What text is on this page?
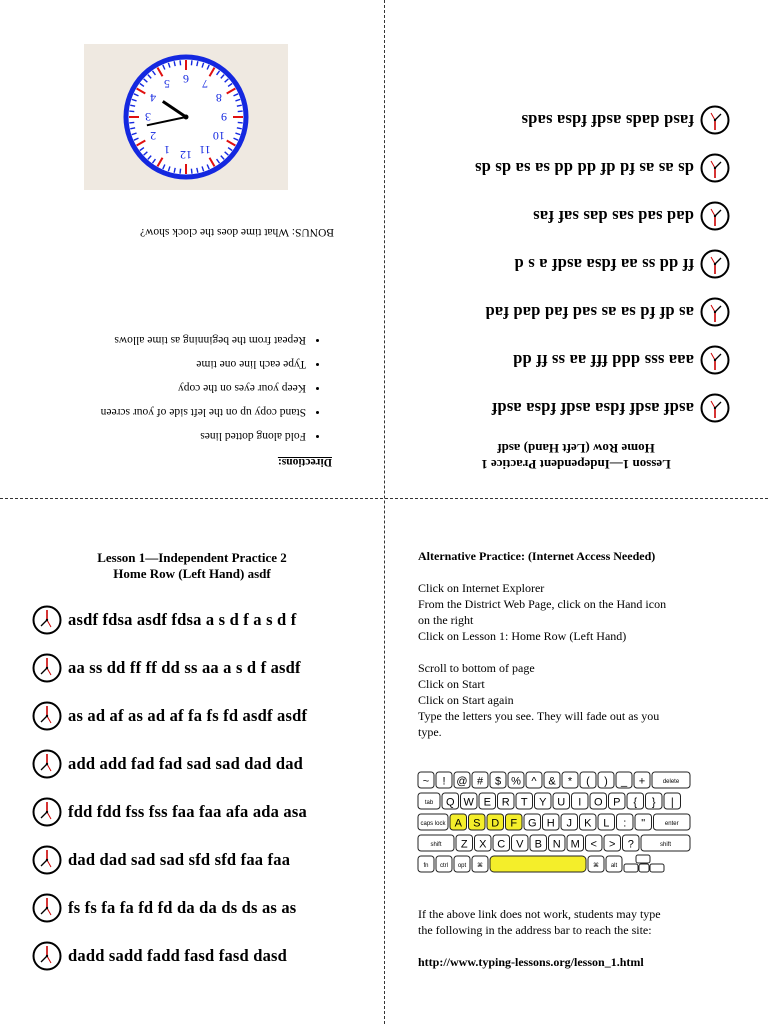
Lesson 1—Independent Practice 1
Home Row (Left Hand) asdf
asdf asdf fdsa asdf fdsa asdf
aaa sss ddd fff aa ss ff dd
as df fd sa as sad fad dad fad
ff dd ss aa fdsa asdf a s d
dad sad sas das saf fas
ds as as fd df dd dd sa sa ds ds
fasd dads asdf fdsa sads
Directions:
• Fold along dotted lines
• Stand copy up on the left side of your screen
• Keep your eyes on the copy
• Type each line one time
• Repeat from the beginning as time allows
BONUS: What time does the clock show?
12
1
2
3
4
5 6 7
8
9
10
11
Lesson 1—Independent Practice 2
Home Row (Left Hand) asdf
asdf fdsa asdf fdsa a s d f a s d f
aa ss dd ff ff dd ss aa a s d f asdf
as ad af as ad af fa fs fd asdf asdf
add add fad fad sad sad dad dad
fdd fdd fss fss faa faa afa ada asa
dad dad sad sad sfd sfd faa faa
fs fs fa fa fd fd da da ds ds as as
dadd sadd fadd fasd fasd dasd
Alternative Practice: (Internet Access Needed)
Click on Internet Explorer
From the District Web Page, click on the Hand icon on the right
Click on Lesson 1: Home Row (Left Hand)
Scroll to bottom of page
Click on Start
Click on Start again
Type the letters you see. They will fade out as you type.
If the above link does not work, students may type the following in the address bar to reach the site:
http://www.typing-lessons.org/lesson_1.html
~ ! @ # $ % ^ & * ( ) _ +	delete
tab Q W E R T Y U I O P { } |
caps lock A S D F G H J K L : "	enter
shift Z X C V B N M < > ?	shift
fn ctrl opt ⌘	⌘ alt
